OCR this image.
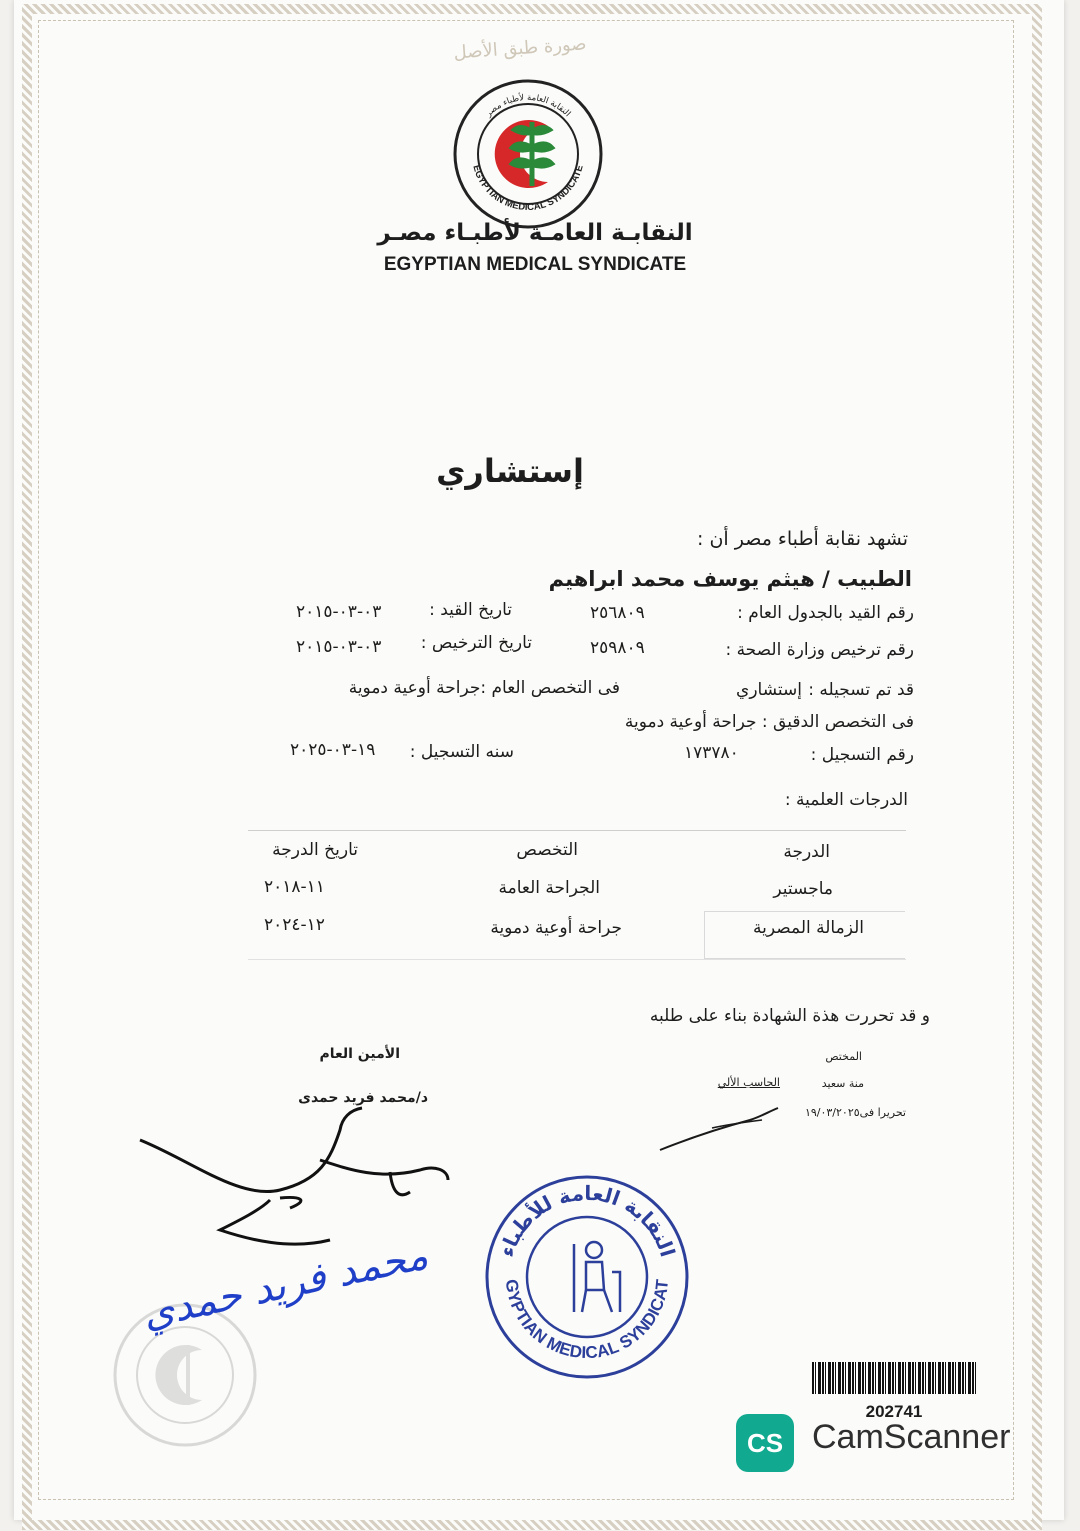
صورة طبق الأصل
النقابة العامة لأطباء مصر
EGYPTIAN MEDICAL SYNDICATE
النقابـة العامـة لأطبـاء مصـر
EGYPTIAN MEDICAL SYNDICATE
إستشاري
تشهد نقابة أطباء مصر أن :
الطبيب / هيثم يوسف محمد ابراهيم
رقم القيد بالجدول العام :
٢٥٦٨٠٩
تاريخ القيد :
٠٣-٠٣-٢٠١٥
رقم ترخيص وزارة الصحة :
٢٥٩٨٠٩
تاريخ الترخيص :
٠٣-٠٣-٢٠١٥
قد تم تسجيله :
إستشاري
فى التخصص العام :جراحة أوعية دموية
فى التخصص الدقيق : جراحة أوعية دموية
رقم التسجيل :
١٧٣٧٨٠
سنه التسجيل :
١٩-٠٣-٢٠٢٥
الدرجات العلمية :
الدرجة
التخصص
تاريخ الدرجة
ماجستير
الجراحة العامة
١١-٢٠١٨
الزمالة المصرية
جراحة أوعية دموية
١٢-٢٠٢٤
و قد تحررت هذة الشهادة بناء على طلبه
الأمين العام
د/محمد فريد حمدى
المختص
منة سعيد
الحاسب الألي
تحريرا فى١٩/٠٣/٢٠٢٥
محمد فريد حمدي	النقابة العامة للأطباء
GYPTIAN MEDICAL SYNDICAT
202741
CS CamScanner
